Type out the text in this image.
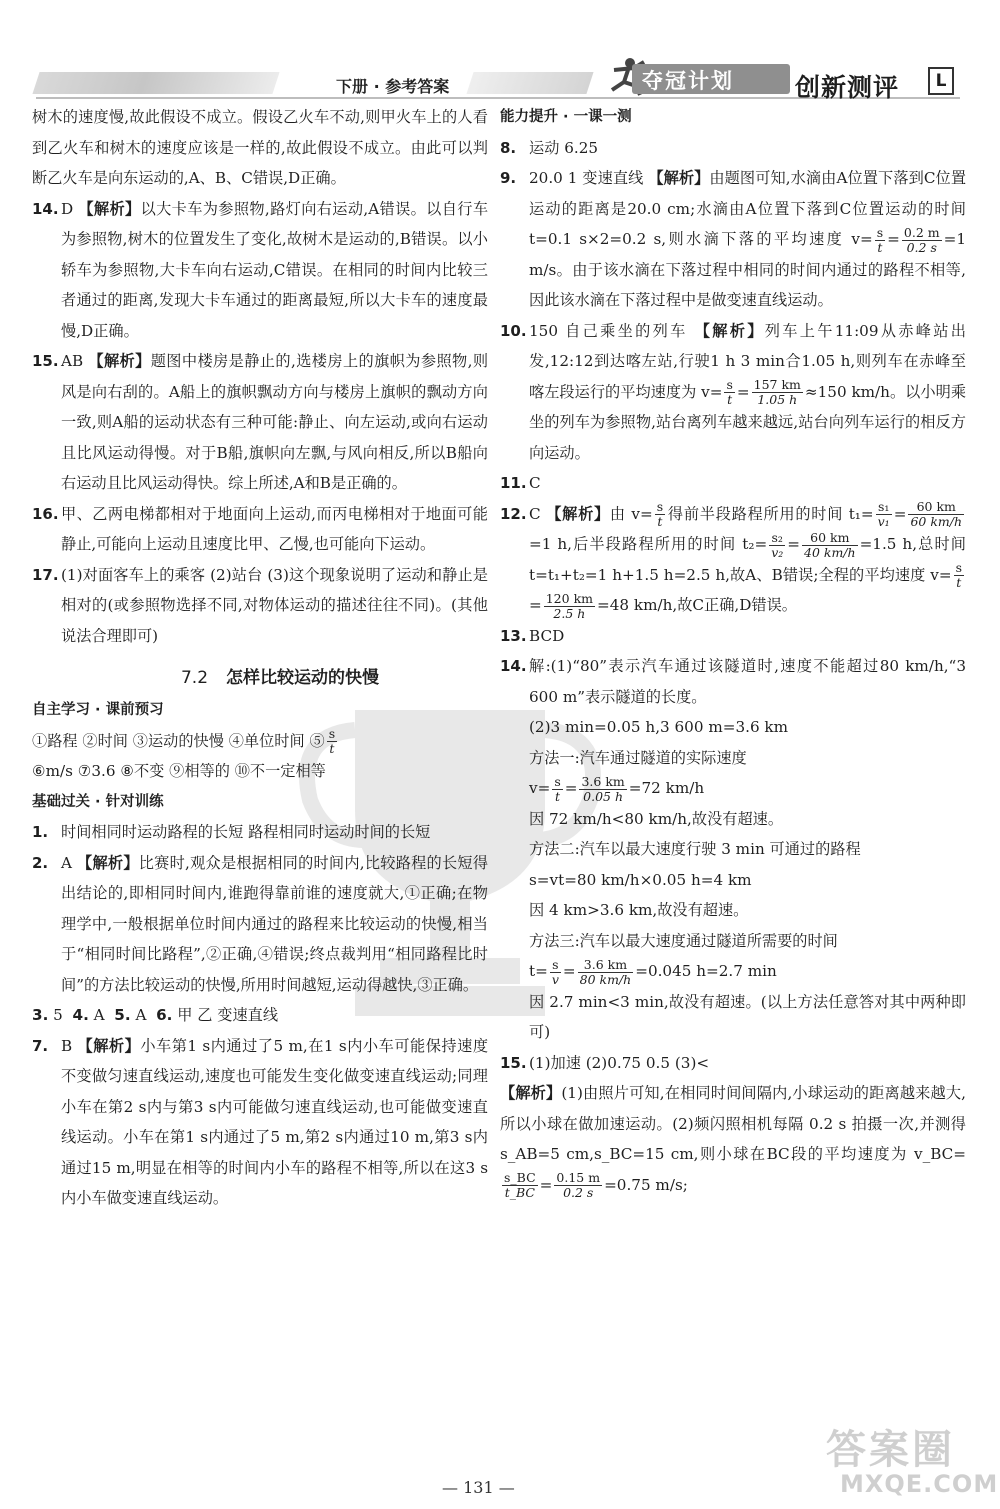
下册 · 参考答案	夺冠计划 创新测评	L
树木的速度慢,故此假设不成立。假设乙火车不动,则甲火车上的人看到乙火车和树木的速度应该是一样的,故此假设不成立。由此可以判断乙火车是向东运动的,A、B、C错误,D正确。
14. D 【解析】以大卡车为参照物,路灯向右运动,A错误。以自行车为参照物,树木的位置发生了变化,故树木是运动的,B错误。以小轿车为参照物,大卡车向右运动,C错误。在相同的时间内比较三者通过的距离,发现大卡车通过的距离最短,所以大卡车的速度最慢,D正确。
15. AB 【解析】题图中楼房是静止的,选楼房上的旗帜为参照物,则风是向右刮的。A船上的旗帜飘动方向与楼房上旗帜的飘动方向一致,则A船的运动状态有三种可能:静止、向左运动,或向右运动且比风运动得慢。对于B船,旗帜向左飘,与风向相反,所以B船向右运动且比风运动得快。综上所述,A和B是正确的。
16. 甲、乙两电梯都相对于地面向上运动,而丙电梯相对于地面可能静止,可能向上运动且速度比甲、乙慢,也可能向下运动。
17. (1)对面客车上的乘客 (2)站台 (3)这个现象说明了运动和静止是相对的(或参照物选择不同,对物体运动的描述往往不同)。(其他说法合理即可)
7.2 怎样比较运动的快慢
自主学习 · 课前预习
①路程 ②时间 ③运动的快慢 ④单位时间 ⑤ $\frac{s}{t}$
⑥m/s ⑦3.6 ⑧不变 ⑨相等的 ⑩不一定相等
基础过关 · 针对训练
1. 时间相同时运动路程的长短 路程相同时运动时间的长短
2. A 【解析】比赛时,观众是根据相同的时间内,比较路程的长短得出结论的,即相同时间内,谁跑得靠前谁的速度就大,①正确;在物理学中,一般根据单位时间内通过的路程来比较运动的快慢,相当于“相同时间比路程”,②正确,④错误;终点裁判用“相同路程比时间”的方法比较运动的快慢,所用时间越短,运动得越快,③正确。
3. 5 4. A 5. A 6. 甲 乙 变速直线
7. B 【解析】小车第1 s内通过了5 m,在1 s内小车可能保持速度不变做匀速直线运动,速度也可能发生变化做变速直线运动;同理小车在第2 s内与第3 s内可能做匀速直线运动,也可能做变速直线运动。小车在第1 s内通过了5 m,第2 s内通过10 m,第3 s内通过15 m,明显在相等的时间内小车的路程不相等,所以在这3 s内小车做变速直线运动。
能力提升 · 一课一测
8. 运动 6.25
9. 20.0 1 变速直线 【解析】由题图可知,水滴由A位置下落到C位置运动的距离是20.0 cm;水滴由A位置下落到C位置运动的时间t=0.1 s×2=0.2 s,则水滴下落的平均速度 $v= \frac{s}{t} = \frac{0.2 m}{0.2 s} =1$ m/s。由于该水滴在下落过程中相同的时间内通过的路程不相等,因此该水滴在下落过程中是做变速直线运动。
10. 150 自己乘坐的列车 【解析】列车上午11:09从赤峰站出发,12:12到达喀左站,行驶1 h 3 min合1.05 h,则列车在赤峰至喀左段运行的平均速度为 $v= \frac{s}{t} = \frac{157 km}{1.05 h} \approx 150$ km/h。以小明乘坐的列车为参照物,站台离列车越来越远,站台向列车运行的相反方向运动。
11. C
12. C 【解析】由 $v= \frac{s}{t}$ 得前半段路程所用的时间 $t_1= \frac{\text{s₁}}{\text{v₁}} = \frac{60 km}{60 km/h}$
=1 h,后半段路程所用的时间 $t_2= \frac{\text{s₂}}{\text{v₂}} = \frac{60 km}{40 km/h} =1.5$ h,总时间 t=t₁+t₂=1 h+1.5 h=2.5 h,故A、B错误;全程的平均速度 $v= \frac{s}{t}$
= $\frac{120 km}{2.5 h} =48$ km/h,故C正确,D错误。
13. BCD
14. 解:(1)“80”表示汽车通过该隧道时,速度不能超过80 km/h,“3 600 m”表示隧道的长度。
(2)3 min=0.05 h,3 600 m=3.6 km
方法一:汽车通过隧道的实际速度
$v= \frac{s}{t} = \frac{3.6 km}{0.05 h} =72$ km/h
因 72 km/h<80 km/h,故没有超速。
方法二:汽车以最大速度行驶 3 min 可通过的路程
s=vt=80 km/h×0.05 h=4 km
因 4 km>3.6 km,故没有超速。
方法三:汽车以最大速度通过隧道所需要的时间
$t= \frac{s}{v} = \frac{3.6 km}{80 km/h} =0.045$ h=2.7 min
因 2.7 min<3 min,故没有超速。(以上方法任意答对其中两种即可)
15. (1)加速 (2)0.75 0.5 (3)<
【解析】(1)由照片可知,在相同时间间隔内,小球运动的距离越来越大,所以小球在做加速运动。(2)频闪照相机每隔 0.2 s 拍摄一次,并测得 s_AB=5 cm,s_BC=15 cm,则小球在BC段的平均速度为 v_BC=
$\frac{s\_BC}{t\_BC} = \frac{0.15 m}{0.2 s} =0.75$ m/s;
— 131 —
答案圈
MXQE.COM
